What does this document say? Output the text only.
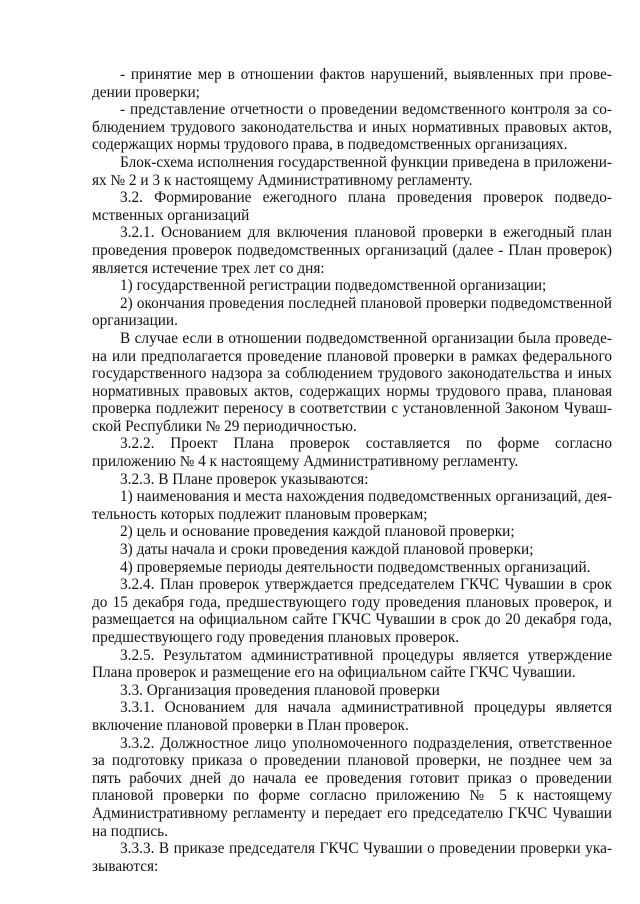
- принятие мер в отношении фактов нарушений, выявленных при проведении проверки;

- представление отчетности о проведении ведомственного контроля за соблюдением трудового законодательства и иных нормативных правовых актов, содержащих нормы трудового права, в подведомственных организациях.

Блок-схема исполнения государственной функции приведена в приложениях № 2 и 3 к настоящему Административному регламенту.

3.2. Формирование ежегодного плана проведения проверок подведомственных организаций

3.2.1. Основанием для включения плановой проверки в ежегодный план проведения проверок подведомственных организаций (далее - План проверок) является истечение трех лет со дня:

1) государственной регистрации подведомственной организации;

2) окончания проведения последней плановой проверки подведомственной организации.

В случае если в отношении подведомственной организации была проведена или предполагается проведение плановой проверки в рамках федерального государственного надзора за соблюдением трудового законодательства и иных нормативных правовых актов, содержащих нормы трудового права, плановая проверка подлежит переносу в соответствии с установленной Законом Чувашской Республики № 29 периодичностью.

3.2.2. Проект Плана проверок составляется по форме согласно приложению № 4 к настоящему Административному регламенту.

3.2.3. В Плане проверок указываются:

1) наименования и места нахождения подведомственных организаций, деятельность которых подлежит плановым проверкам;

2) цель и основание проведения каждой плановой проверки;

3) даты начала и сроки проведения каждой плановой проверки;

4) проверяемые периоды деятельности подведомственных организаций.

3.2.4. План проверок утверждается председателем ГКЧС Чувашии в срок до 15 декабря года, предшествующего году проведения плановых проверок, и размещается на официальном сайте ГКЧС Чувашии в срок до 20 декабря года, предшествующего году проведения плановых проверок.

3.2.5. Результатом административной процедуры является утверждение Плана проверок и размещение его на официальном сайте ГКЧС Чувашии.

3.3. Организация проведения плановой проверки

3.3.1. Основанием для начала административной процедуры является включение плановой проверки в План проверок.

3.3.2. Должностное лицо уполномоченного подразделения, ответственное за подготовку приказа о проведении плановой проверки, не позднее чем за пять рабочих дней до начала ее проведения готовит приказ о проведении плановой проверки по форме согласно приложению № 5 к настоящему Административному регламенту и передает его председателю ГКЧС Чувашии на подпись.

3.3.3. В приказе председателя ГКЧС Чувашии о проведении проверки указываются:
